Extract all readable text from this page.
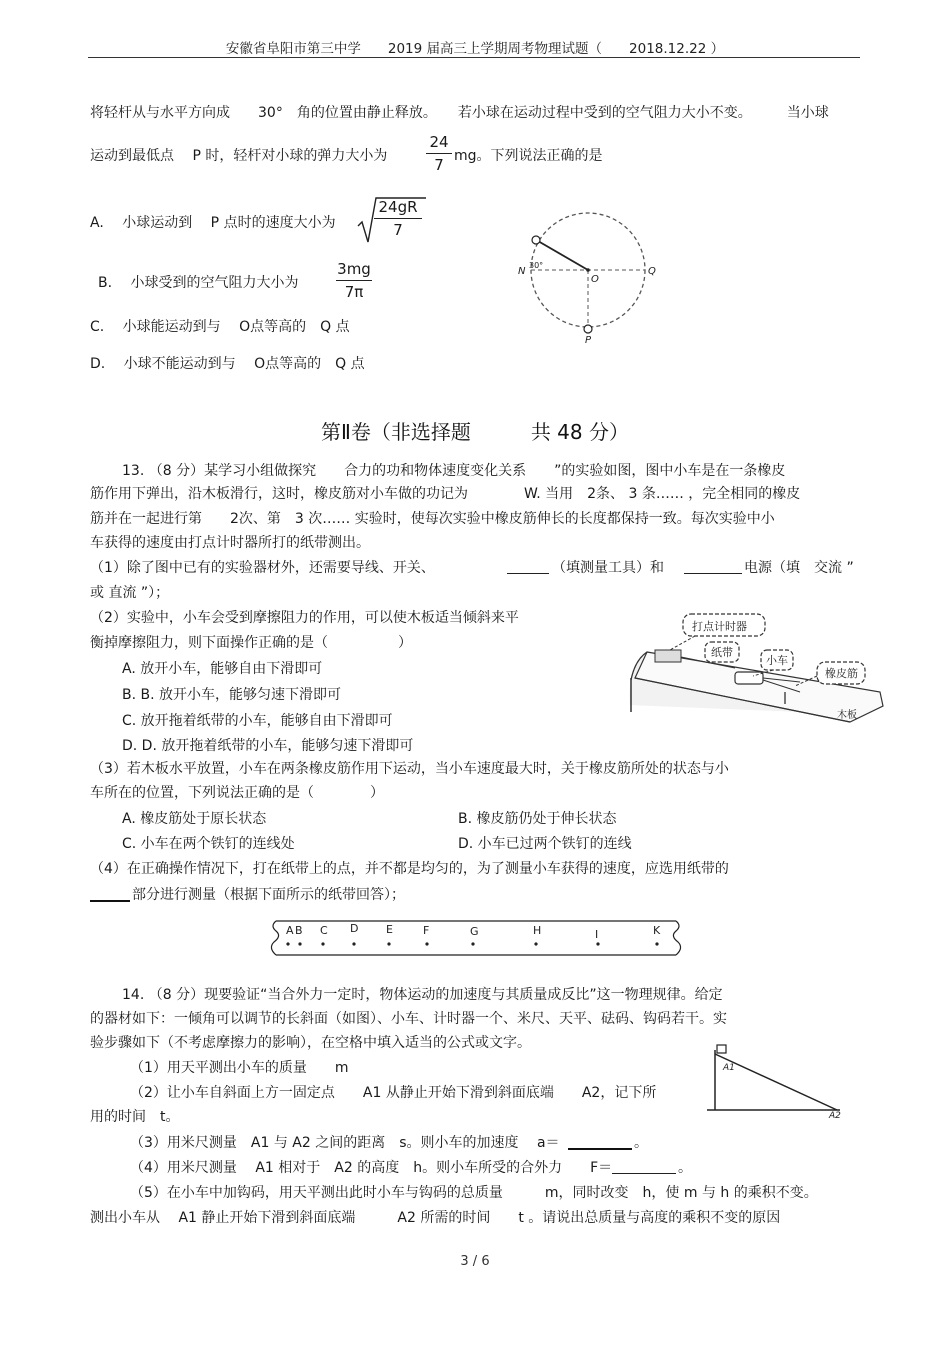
安徽省阜阳市第三中学　　2019 届高三上学期周考物理试题（　　2018.12.22 ）
将轻杆从与水平方向成　　30°　角的位置由静止释放。　　若小球在运动过程中受到的空气阻力大小不变。　　　当小球
运动到最低点　 P 时，轻杆对小球的弹力大小为
24
7 mg。下列说法正确的是
A.　 小球运动到　 P 点时的速度大小为
24gR
7
B.　 小球受到的空气阻力大小为
3mg
7π
C.　 小球能运动到与　 O点等高的　Q 点
D.　 小球不能运动到与　 O点等高的　Q 点
N
30°
O
Q
P
第Ⅱ卷（非选择题　　　共 48 分）
13. （8 分）某学习小组做探究　　合力的功和物体速度变化关系　　”的实验如图，图中小车是在一条橡皮
筋作用下弹出，沿木板滑行，这时，橡皮筋对小车做的功记为　　　　W. 当用　2条、 3 条…… ，完全相同的橡皮
筋并在一起进行第　　2次、第　3 次…… 实验时，使每次实验中橡皮筋伸长的长度都保持一致。每次实验中小
车获得的速度由打点计时器所打的纸带测出。
（1）除了图中已有的实验器材外，还需要导线、开关、
	（填测量工具）和
	电源（填　交流 ”
或 直流 ”）；
（2）实验中，小车会受到摩擦阻力的作用，可以使木板适当倾斜来平
衡掉摩擦阻力，则下面操作正确的是（　　　　　）
A. 放开小车，能够自由下滑即可
B. B. 放开小车，能够匀速下滑即可
C. 放开拖着纸带的小车，能够自由下滑即可
D. D. 放开拖着纸带的小车，能够匀速下滑即可
打点计时器
纸带
小车
橡皮筋
木板
（3）若木板水平放置，小车在两条橡皮筋作用下运动，当小车速度最大时，关于橡皮筋所处的状态与小
车所在的位置，下列说法正确的是（　　　　）
A. 橡皮筋处于原长状态	B. 橡皮筋仍处于伸长状态
C. 小车在两个铁钉的连线处	D. 小车已过两个铁钉的连线
（4）在正确操作情况下，打在纸带上的点，并不都是均匀的，为了测量小车获得的速度，应选用纸带的

部分进行测量（根据下面所示的纸带回答）；
A B C D	E	F	G	H	I	K
14. （8 分）现要验证“当合外力一定时，物体运动的加速度与其质量成反比”这一物理规律。给定
的器材如下：一倾角可以调节的长斜面（如图）、小车、计时器一个、米尺、天平、砝码、钩码若干。实
验步骤如下（不考虑摩擦力的影响），在空格中填入适当的公式或文字。
（1）用天平测出小车的质量　　m
（2）让小车自斜面上方一固定点　　A1 从静止开始下滑到斜面底端　　A2，记下所
用的时间　t。
（3）用米尺测量　A1 与 A2 之间的距离　s。则小车的加速度　 a＝
	。
（4）用米尺测量　 A1 相对于　A2 的高度　h。则小车所受的合外力　　F＝
	。
（5）在小车中加钩码，用天平测出此时小车与钩码的总质量　　　m，同时改变　h，使 m 与 h 的乘积不变。
测出小车从　 A1 静止开始下滑到斜面底端　　　A2 所需的时间　　t 。请说出总质量与高度的乘积不变的原因
A1
A2
3 / 6
